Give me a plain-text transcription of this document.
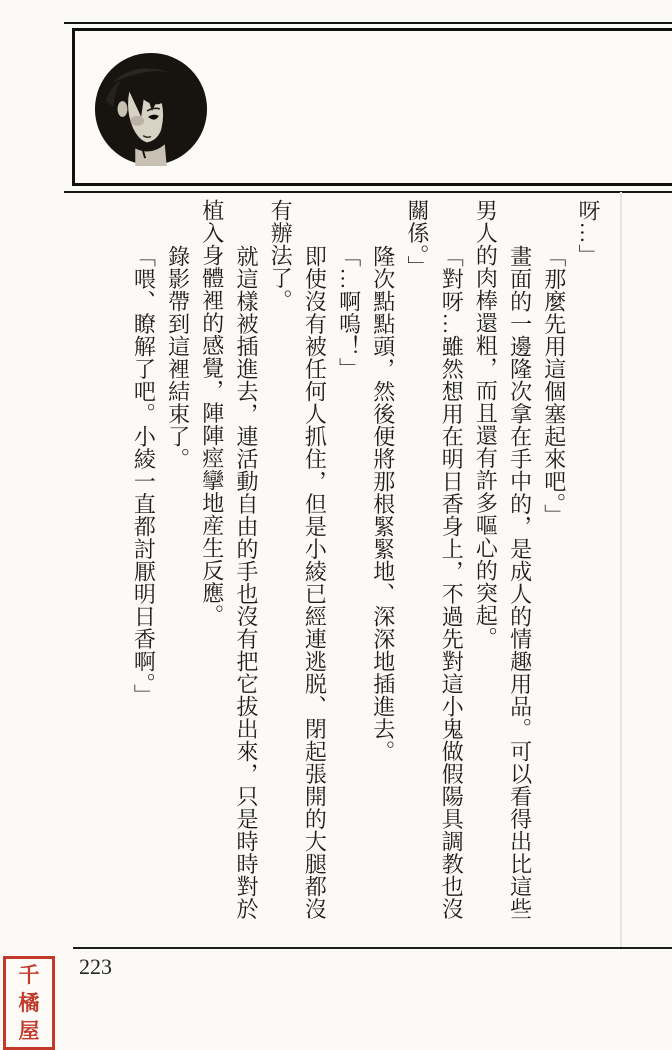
呀…」

「那麼先用這個塞起來吧。」

畫面的一邊隆次拿在手中的，是成人的情趣用品。可以看得出比這些男人的肉棒還粗，而且還有許多嘔心的突起。

「對呀…雖然想用在明日香身上，不過先對這小鬼做假陽具調教也沒關係。」

隆次點點頭，然後便將那根緊緊地、深深地插進去。

「…啊嗚！」

即使沒有被任何人抓住，但是小綾已經連逃脱、閉起張開的大腿都沒有辦法了。

就這樣被插進去，連活動自由的手也沒有把它拔出來，只是時時對於植入身體裡的感覺，陣陣痙攣地産生反應。

錄影帶到這裡結束了。

「喂、瞭解了吧。小綾一直都討厭明日香啊。」

223
千
橘
屋
